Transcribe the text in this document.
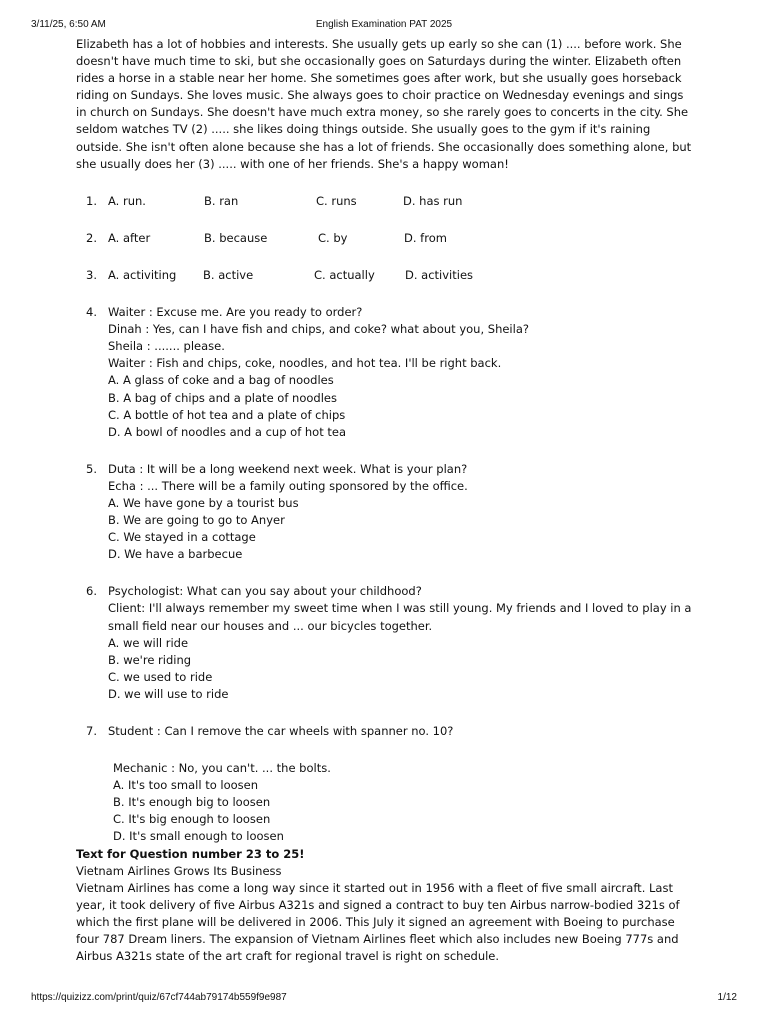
3/11/25, 6:50 AM	English Examination PAT 2025

Elizabeth has a lot of hobbies and interests. She usually gets up early so she can (1) .... before work. She doesn't have much time to ski, but she occasionally goes on Saturdays during the winter. Elizabeth often rides a horse in a stable near her home. She sometimes goes after work, but she usually goes horseback riding on Sundays. She loves music. She always goes to choir practice on Wednesday evenings and sings in church on Sundays. She doesn't have much extra money, so she rarely goes to concerts in the city. She seldom watches TV (2) ..... she likes doing things outside. She usually goes to the gym if it's raining outside. She isn't often alone because she has a lot of friends. She occasionally does something alone, but she usually does her (3) ..... with one of her friends. She's a happy woman!

1. A. run.	B. ran	C. runs	D. has run
2. A. after	B. because	C. by	D. from
3. A. activiting	B. active	C. actually	D. activities
4. Waiter : Excuse me. Are you ready to order?
Dinah : Yes, can I have fish and chips, and coke? what about you, Sheila?
Sheila : ....... please.
Waiter : Fish and chips, coke, noodles, and hot tea. I'll be right back.
A. A glass of coke and a bag of noodles
B. A bag of chips and a plate of noodles
C. A bottle of hot tea and a plate of chips
D. A bowl of noodles and a cup of hot tea
5. Duta : It will be a long weekend next week. What is your plan?
Echa : ... There will be a family outing sponsored by the office.
A. We have gone by a tourist bus
B. We are going to go to Anyer
C. We stayed in a cottage
D. We have a barbecue
6. Psychologist: What can you say about your childhood?
Client: I'll always remember my sweet time when I was still young. My friends and I loved to play in a small field near our houses and ... our bicycles together.
A. we will ride
B. we're riding
C. we used to ride
D. we will use to ride
7. Student : Can I remove the car wheels with spanner no. 10?
Mechanic : No, you can't. ... the bolts.
A. It's too small to loosen
B. It's enough big to loosen
C. It's big enough to loosen
D. It's small enough to loosen
Text for Question number 23 to 25!
Vietnam Airlines Grows Its Business

Vietnam Airlines has come a long way since it started out in 1956 with a fleet of five small aircraft. Last year, it took delivery of five Airbus A321s and signed a contract to buy ten Airbus narrow-bodied 321s of which the first plane will be delivered in 2006. This July it signed an agreement with Boeing to purchase four 787 Dream liners. The expansion of Vietnam Airlines fleet which also includes new Boeing 777s and Airbus A321s state of the art craft for regional travel is right on schedule.

https://quizizz.com/print/quiz/67cf744ab79174b559f9e987	1/12
